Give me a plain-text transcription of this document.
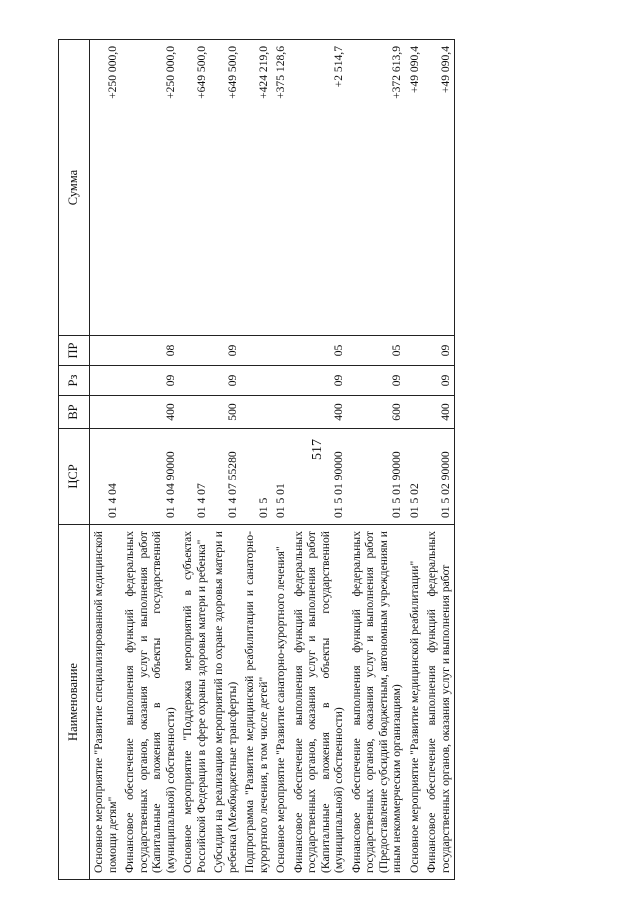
517
Наименование	ЦСР	ВР	Рз	ПР	Сумма
Основное мероприятие "Развитие специализированной медицинской помощи детям"	01 4 04				+250 000,0
Финансовое обеспечение выполнения функций федеральных государственных органов, оказания услуг и выполнения работ (Капитальные вложения в объекты государственной (муниципальной) собственности)	01 4 04 90000	400	09	08	+250 000,0
Основное мероприятие "Поддержка мероприятий в субъектах Российской Федерации в сфере охраны здоровья матери и ребенка"	01 4 07				+649 500,0
Субсидии на реализацию мероприятий по охране здоровья матери и ребенка (Межбюджетные трансферты)	01 4 07 55280	500	09	09	+649 500,0
Подпрограмма "Развитие медицинской реабилитации и санаторно-курортного лечения, в том числе детей"	01 5				+424 219,0
Основное мероприятие "Развитие санаторно-курортного лечения"	01 5 01				+375 128,6
Финансовое обеспечение выполнения функций федеральных государственных органов, оказания услуг и выполнения работ (Капитальные вложения в объекты государственной (муниципальной) собственности)	01 5 01 90000	400	09	05	+2 514,7
Финансовое обеспечение выполнения функций федеральных государственных органов, оказания услуг и выполнения работ (Предоставление субсидий бюджетным, автономным учреждениям и иным некоммерческим организациям)	01 5 01 90000	600	09	05	+372 613,9
Основное мероприятие "Развитие медицинской реабилитации"	01 5 02				+49 090,4
Финансовое обеспечение выполнения функций федеральных государственных органов, оказания услуг и выполнения работ	01 5 02 90000	400	09	09	+49 090,4
